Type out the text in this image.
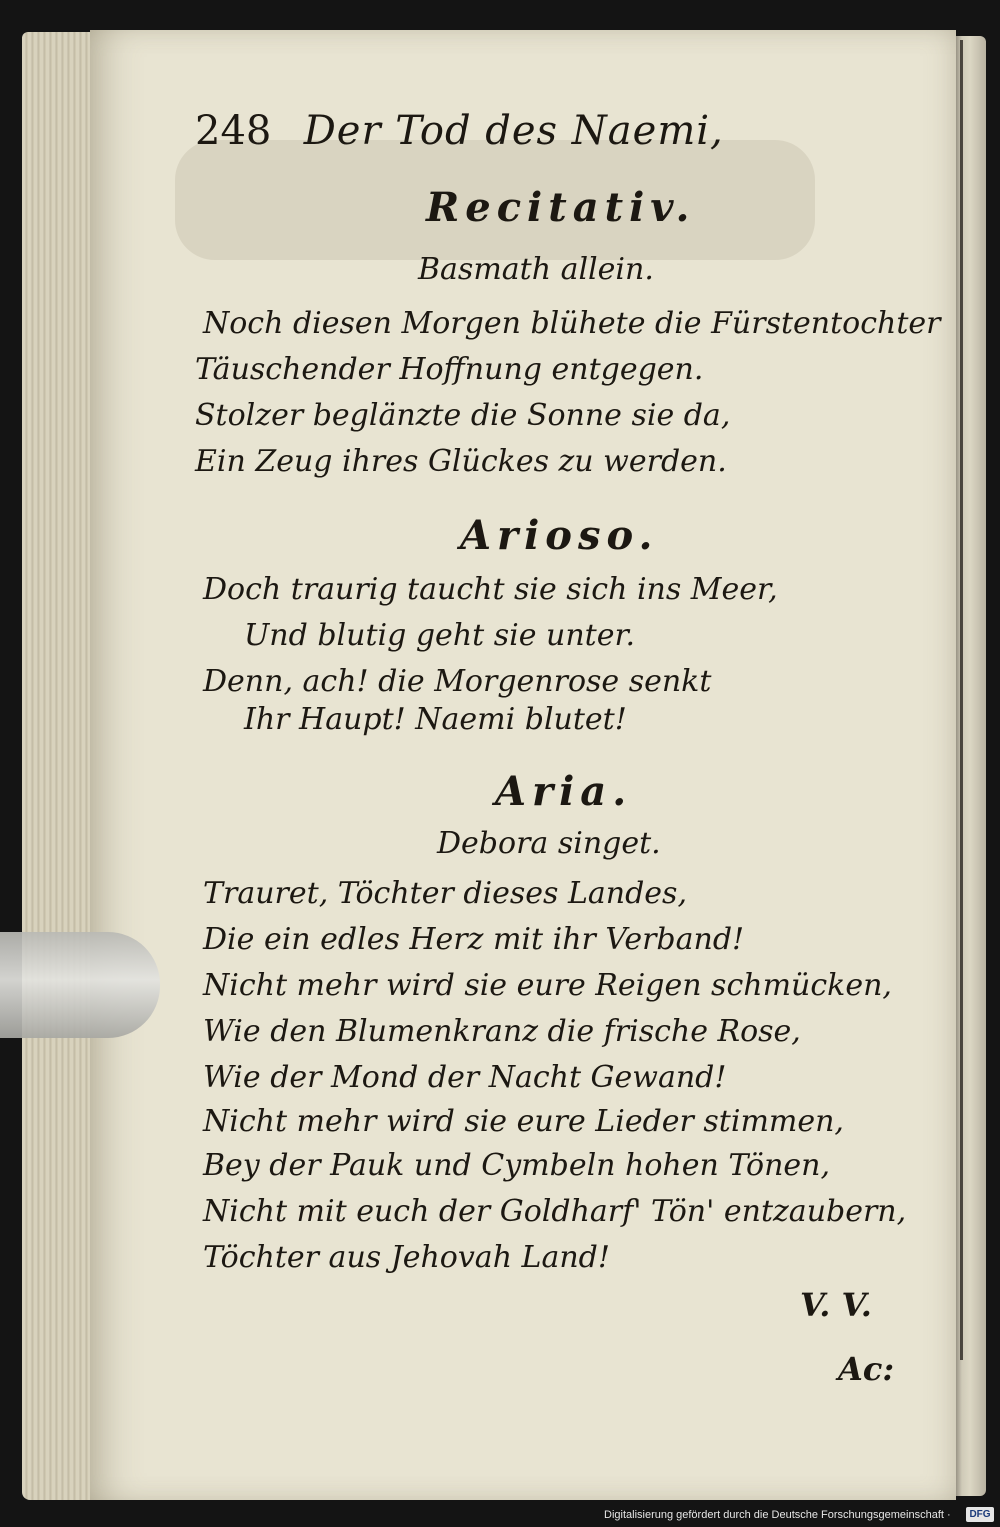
248 Der Tod des Naemi,
Recitativ.
Basmath allein.
Noch diesen Morgen blühete die Fürstentochter
Täuschender Hoffnung entgegen.
Stolzer beglänzte die Sonne sie da,
Ein Zeug ihres Glückes zu werden.
Arioso.
Doch traurig taucht sie sich ins Meer,
Und blutig geht sie unter.
Denn, ach! die Morgenrose senkt
Ihr Haupt! Naemi blutet!
Aria.
Debora singet.
Trauret, Töchter dieses Landes,
Die ein edles Herz mit ihr Verband!
Nicht mehr wird sie eure Reigen schmücken,
Wie den Blumenkranz die frische Rose,
Wie der Mond der Nacht Gewand!
Nicht mehr wird sie eure Lieder stimmen,
Bey der Pauk und Cymbeln hohen Tönen,
Nicht mit euch der Goldharf' Tön' entzaubern,
Töchter aus Jehovah Land!
V. V.
Ac:
Digitalisierung gefördert durch die Deutsche Forschungsgemeinschaft ·	DFG
